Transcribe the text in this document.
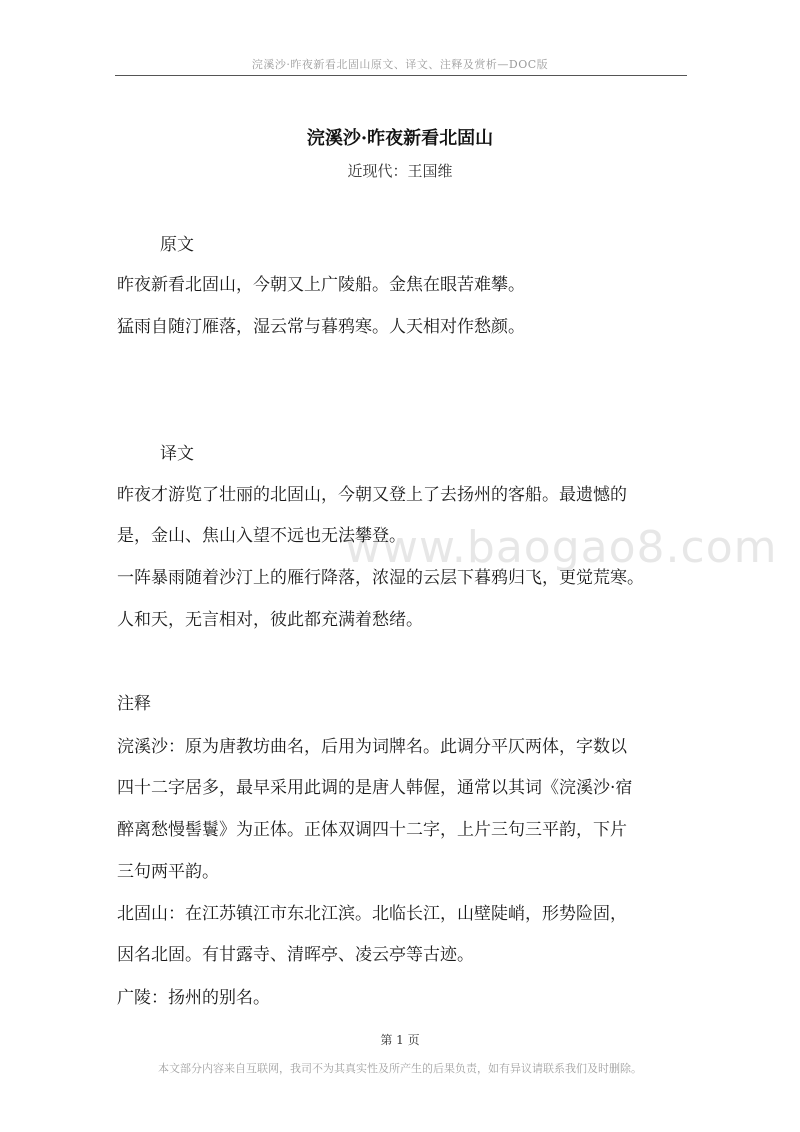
浣溪沙·昨夜新看北固山原文、译文、注释及赏析—DOC版
浣溪沙·昨夜新看北固山
近现代：王国维
www.baogao8.com
原文
昨夜新看北固山，今朝又上广陵船。金焦在眼苦难攀。
猛雨自随汀雁落，湿云常与暮鸦寒。人天相对作愁颜。
译文
昨夜才游览了壮丽的北固山，今朝又登上了去扬州的客船。最遗憾的
是，金山、焦山入望不远也无法攀登。
一阵暴雨随着沙汀上的雁行降落，浓湿的云层下暮鸦归飞，更觉荒寒。
人和天，无言相对，彼此都充满着愁绪。
注释
浣溪沙：原为唐教坊曲名，后用为词牌名。此调分平仄两体，字数以
四十二字居多，最早采用此调的是唐人韩偓，通常以其词《浣溪沙·宿
醉离愁慢髻鬟》为正体。正体双调四十二字，上片三句三平韵，下片
三句两平韵。
北固山：在江苏镇江市东北江滨。北临长江，山壁陡峭，形势险固，
因名北固。有甘露寺、清晖亭、凌云亭等古迹。
广陵：扬州的别名。
第 1 页
本文部分内容来自互联网，我司不为其真实性及所产生的后果负责，如有异议请联系我们及时删除。
